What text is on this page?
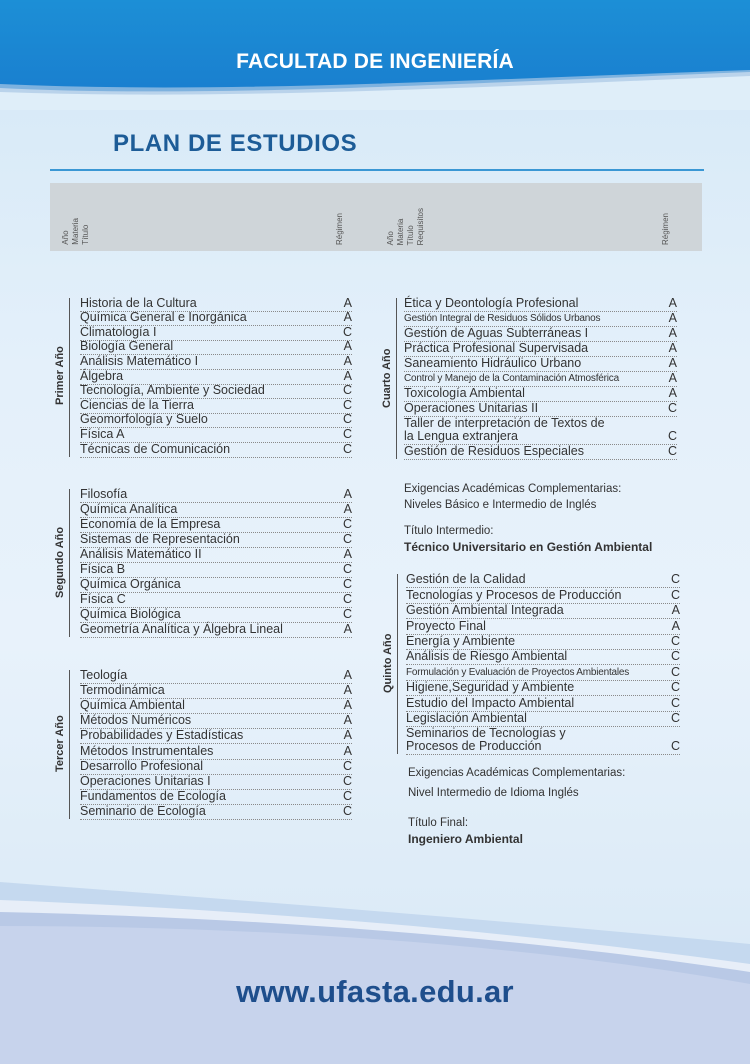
FACULTAD DE INGENIERÍA
PLAN DE ESTUDIOS
Año Materia Título	Régimen	Año Materia Título Requisitos	Régimen
Historia de la Cultura	A
Química General e Inorgánica	A
Climatología I	C
Biología General	A
Análisis Matemático I	A
Álgebra	A
Tecnología, Ambiente y Sociedad	C
Ciencias de la Tierra	C
Geomorfología y Suelo	C
Física A	C
Técnicas de Comunicación	C
Primer Año
Filosofía	A
Química Analítica	A
Economía de la Empresa	C
Sistemas de Representación	C
Análisis Matemático II	A
Física B	C
Química Orgánica	C
Física C	C
Química Biológica	C
Geometría Analítica y Álgebra Lineal	A
Segundo Año
Teología	A
Termodinámica	A
Química Ambiental	A
Métodos Numéricos	A
Probabilidades y Estadísticas	A
Métodos Instrumentales	A
Desarrollo Profesional	C
Operaciones Unitarias I	C
Fundamentos de Ecología	C
Seminario de Ecología	C
Tercer Año
Ética y Deontología Profesional	A
Gestión Integral de Residuos Sólidos Urbanos	A
Gestión de Aguas Subterráneas I	A
Práctica Profesional Supervisada	A
Saneamiento Hidráulico Urbano	A
Control y Manejo de la Contaminación Atmosférica	A
Toxicología Ambiental	A
Operaciones Unitarias II	C
Taller de interpretación de Textos de
la Lengua extranjera	C
Gestión de Residuos Especiales	C
Cuarto Año
Gestión de la Calidad	C
Tecnologías y Procesos de Producción	C
Gestión Ambiental Integrada	A
Proyecto Final	A
Energía y Ambiente	C
Análisis de Riesgo Ambiental	C
Formulación y Evaluación de Proyectos Ambientales	C
Higiene,Seguridad y Ambiente	C
Estudio del Impacto Ambiental	C
Legislación Ambiental	C
Seminarios de Tecnologías y
Procesos de Producción	C
Quinto Año
Exigencias Académicas Complementarias:
Niveles Básico e Intermedio de Inglés
Título Intermedio:
Técnico Universitario en Gestión Ambiental
Exigencias Académicas Complementarias:
Nivel Intermedio de Idioma Inglés
Título Final:
Ingeniero Ambiental
www.ufasta.edu.ar
